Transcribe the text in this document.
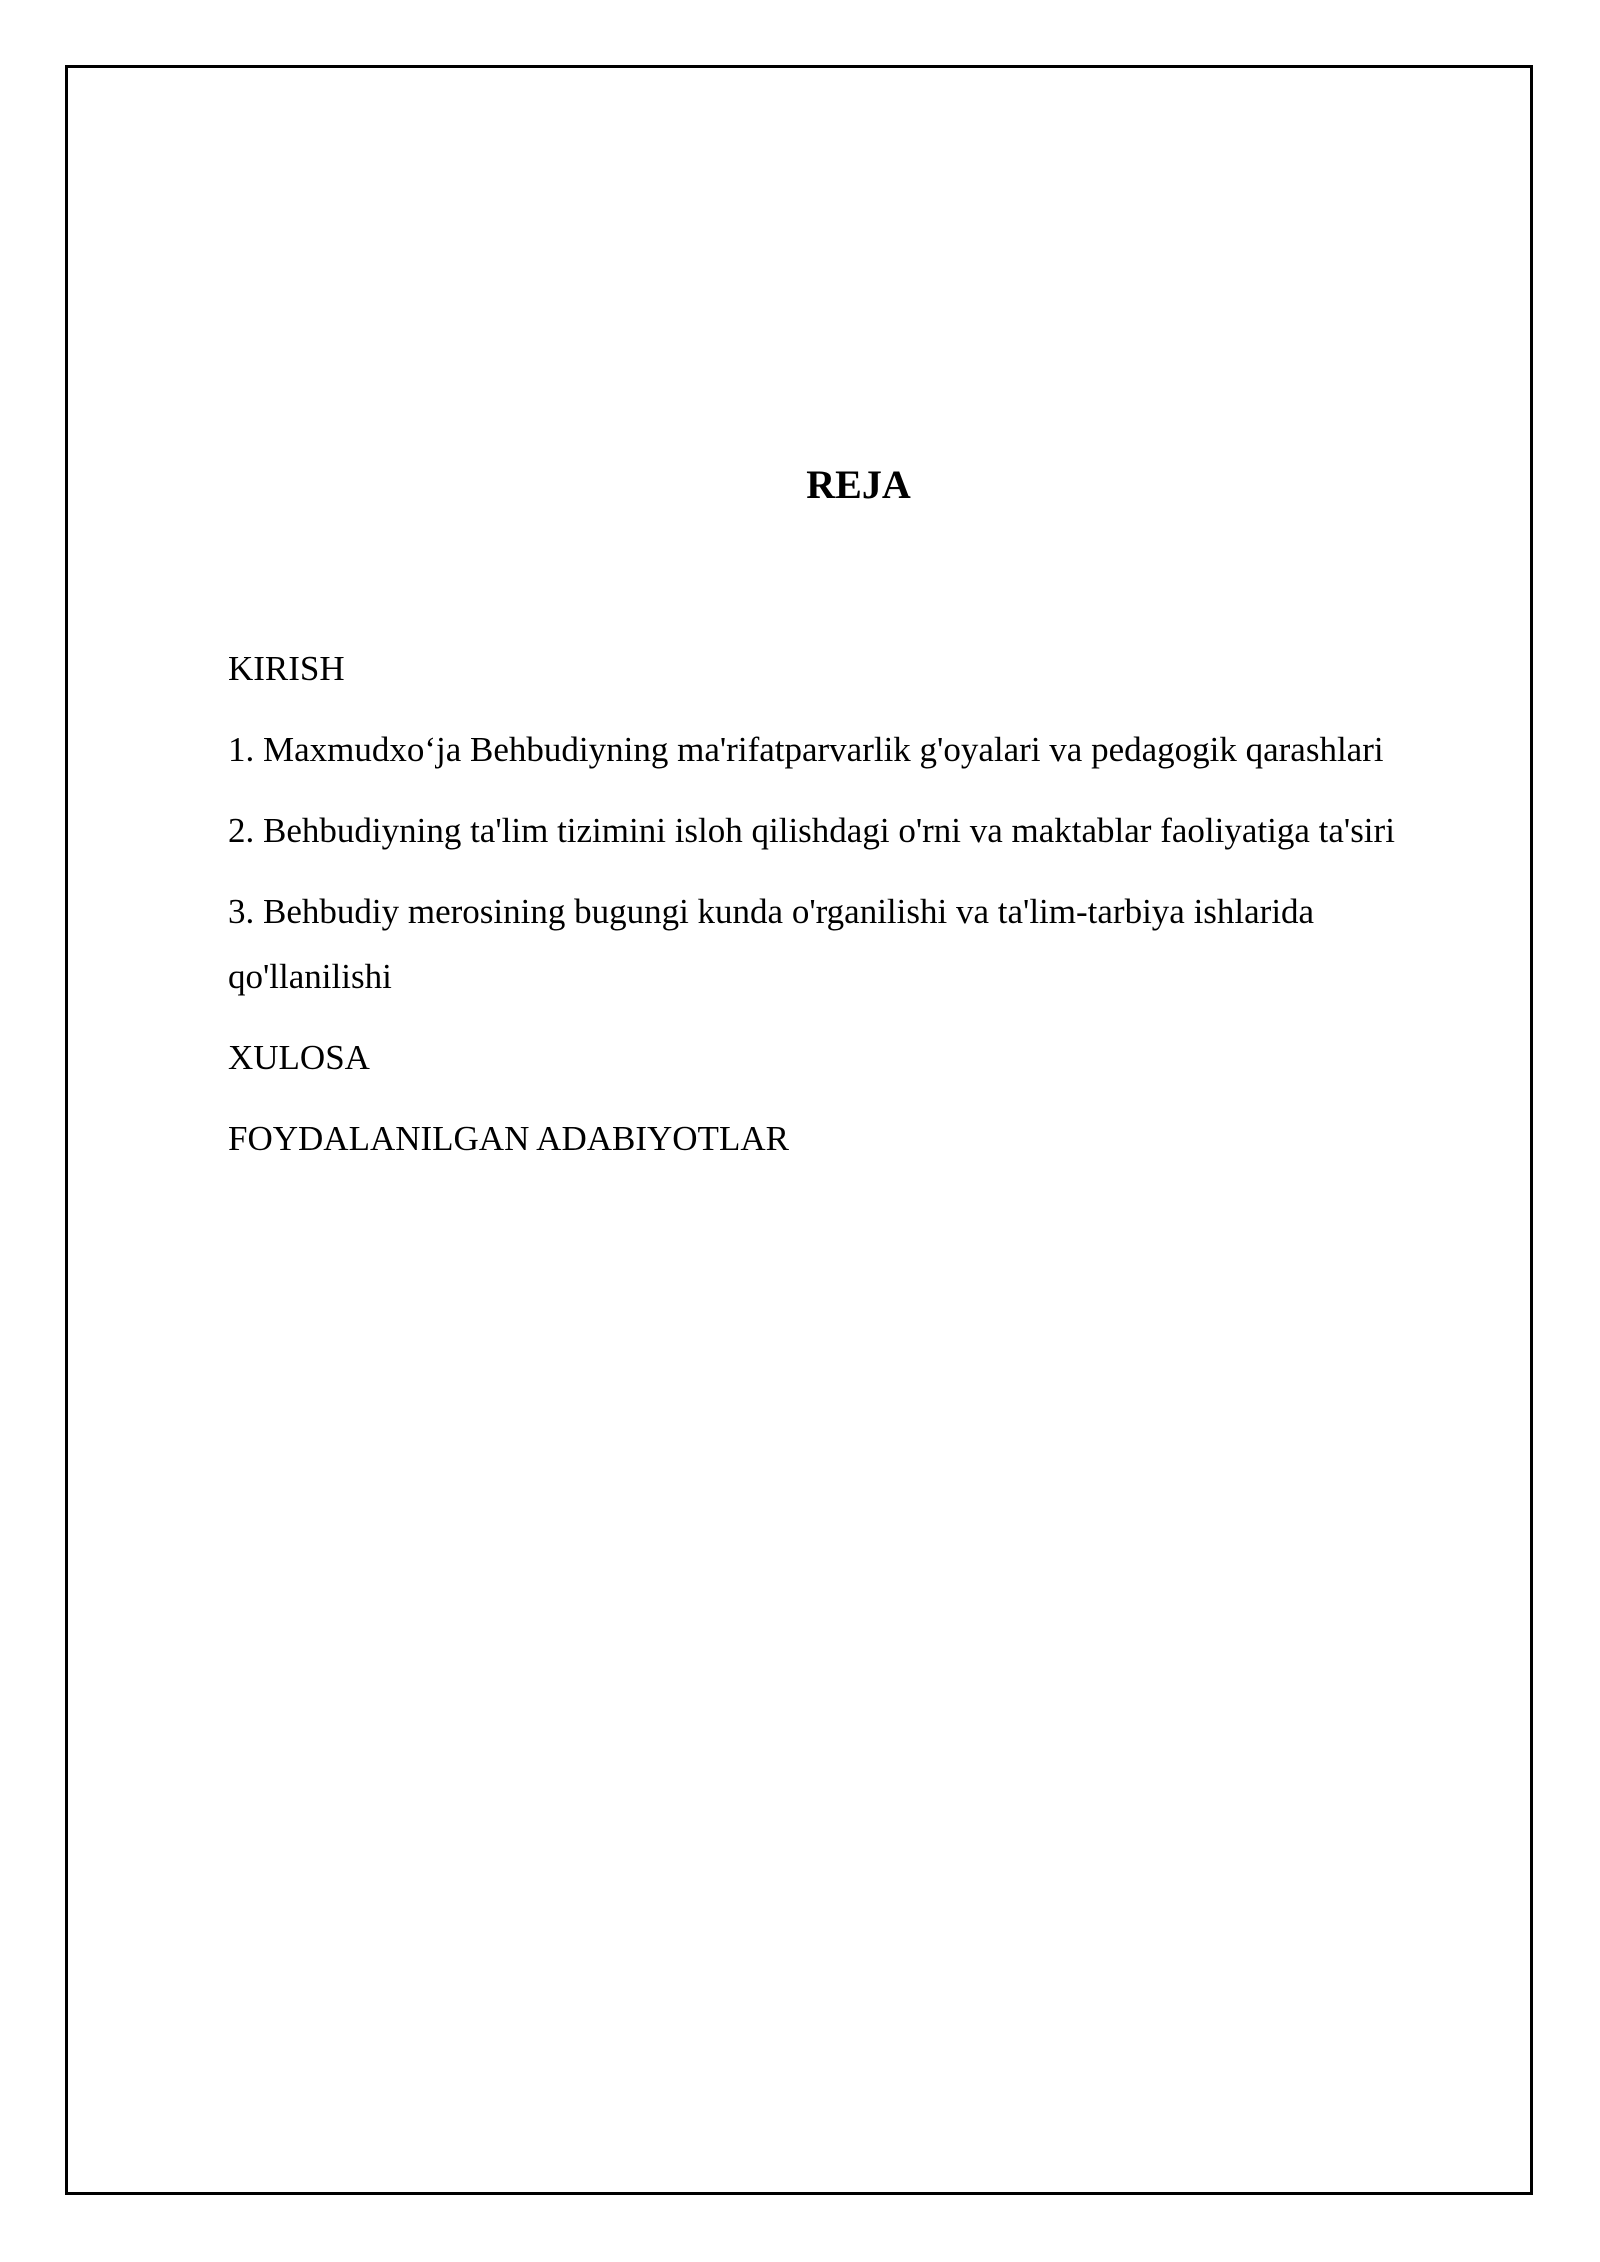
REJA
KIRISH
1. Maxmudxo‘ja Behbudiyning ma'rifatparvarlik g'oyalari va pedagogik qarashlari
2. Behbudiyning ta'lim tizimini isloh qilishdagi o'rni va maktablar faoliyatiga ta'siri
3. Behbudiy merosining bugungi kunda o'rganilishi va ta'lim-tarbiya ishlarida qo'llanilishi
XULOSA
FOYDALANILGAN ADABIYOTLAR
